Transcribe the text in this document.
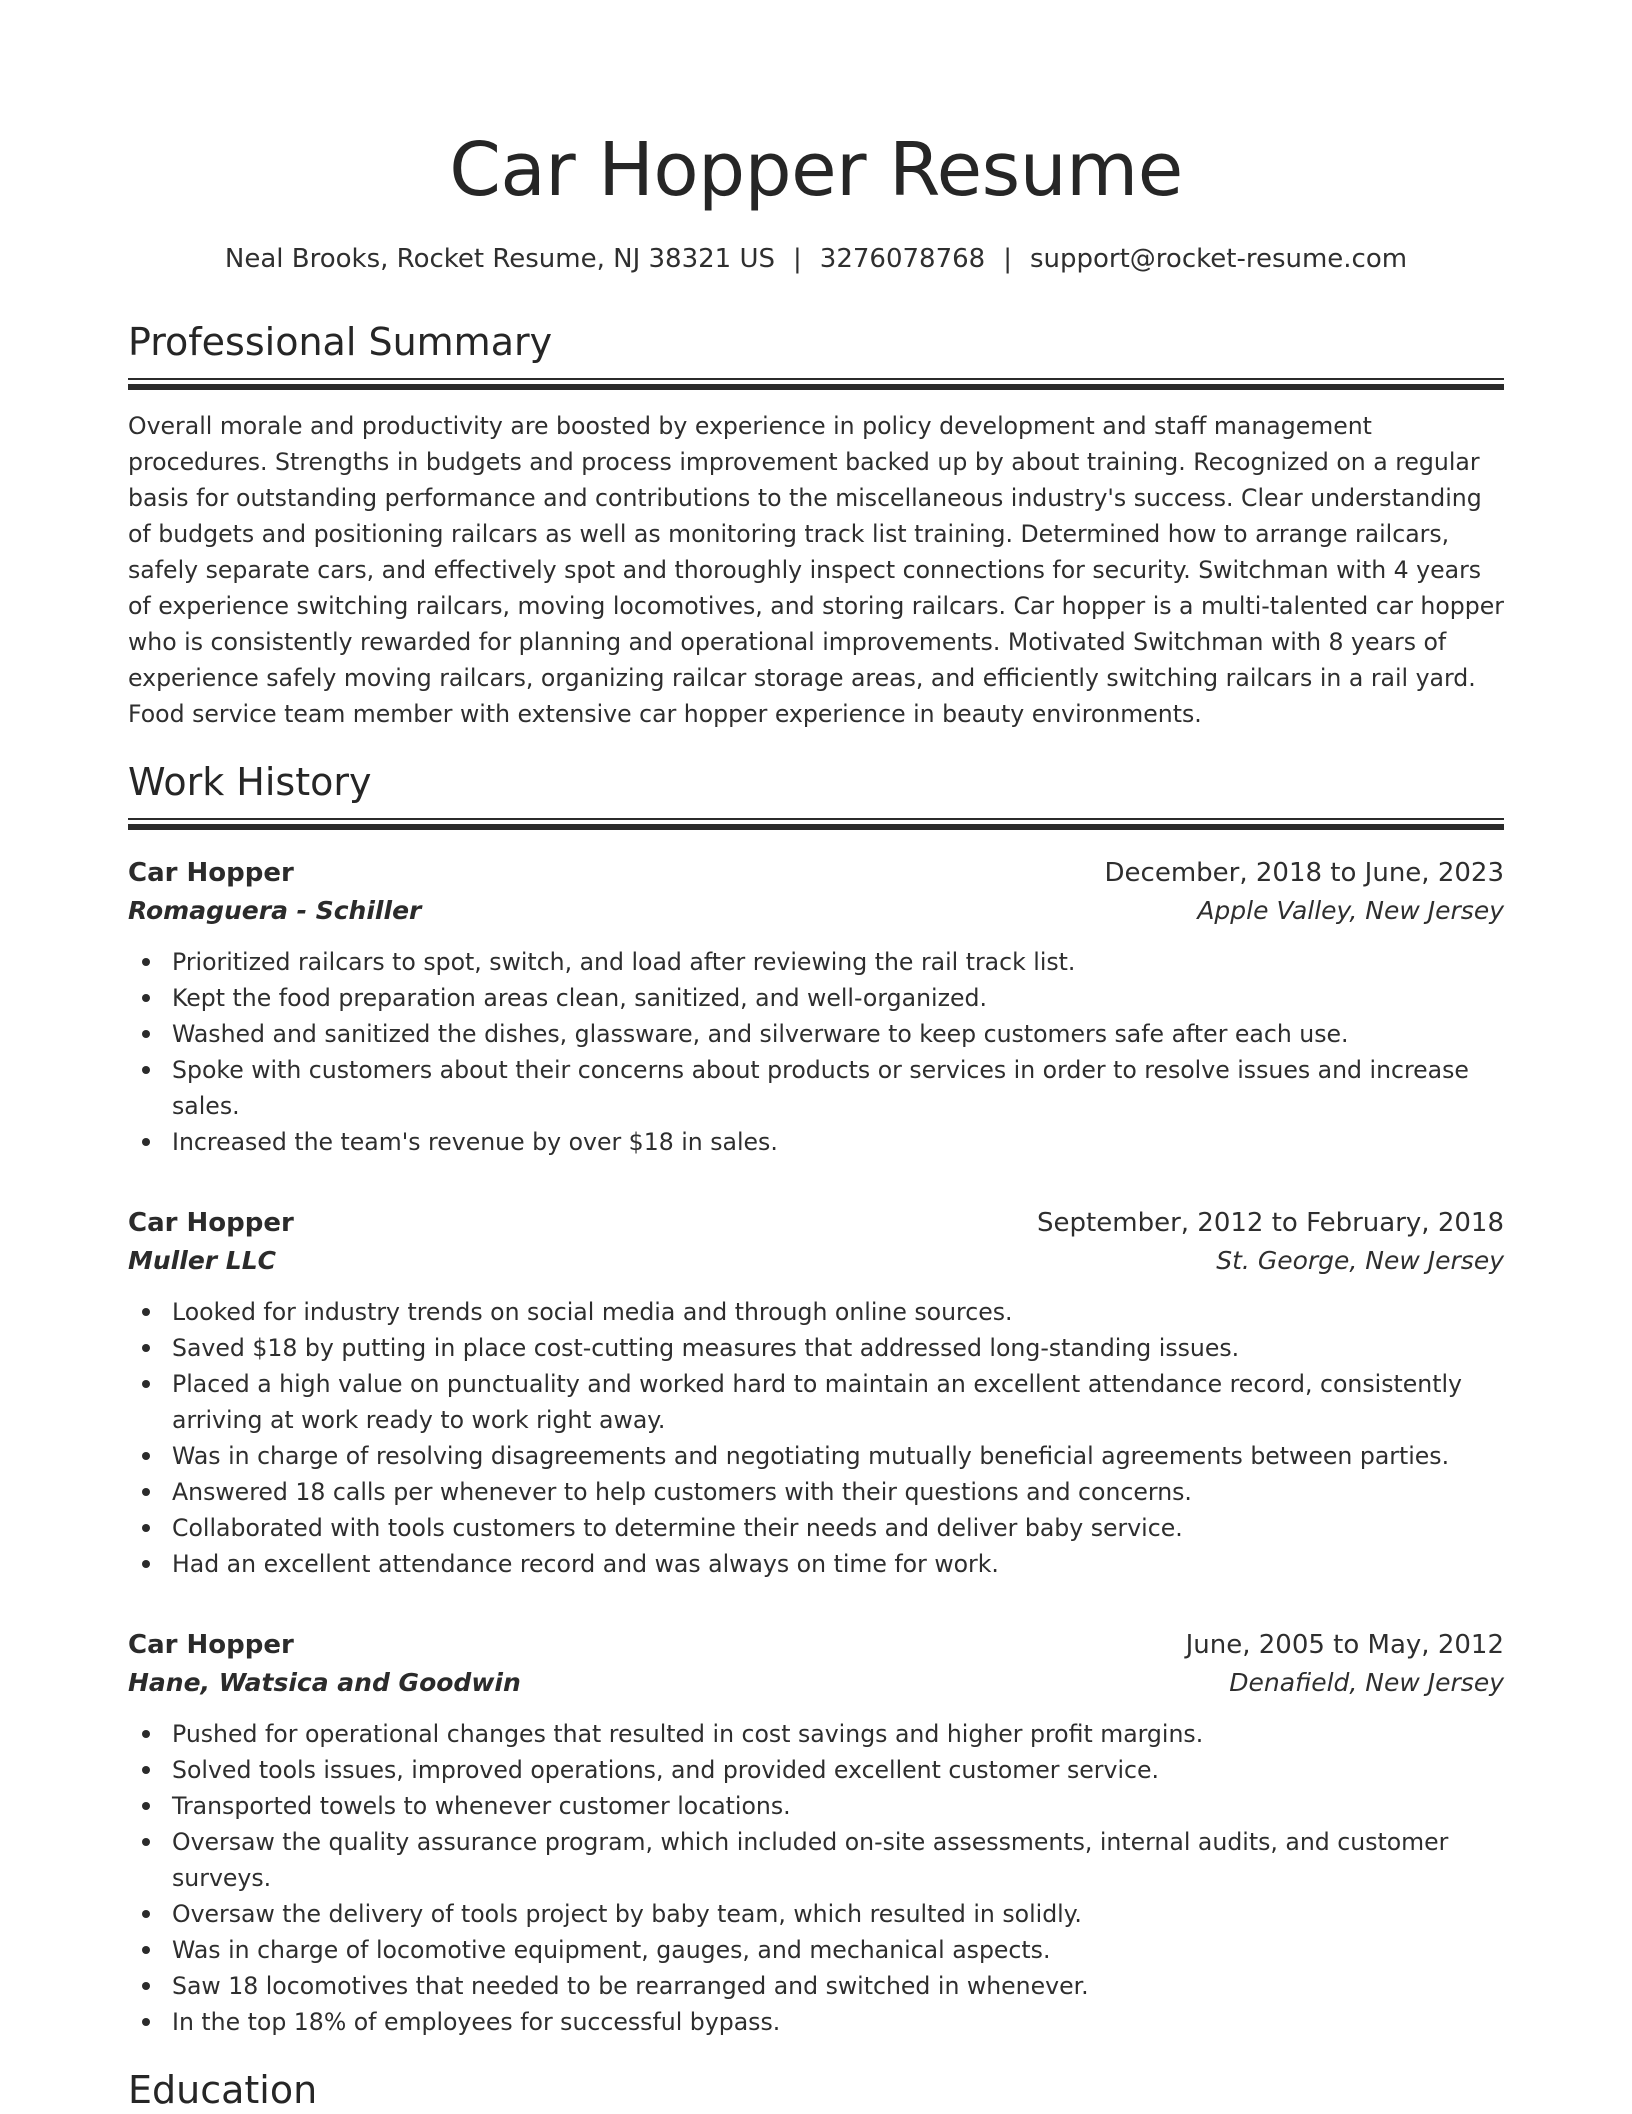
Car Hopper Resume
Neal Brooks, Rocket Resume, NJ 38321 US | 3276078768 | support@rocket-resume.com
Professional Summary

Overall morale and productivity are boosted by experience in policy development and staff management procedures. Strengths in budgets and process improvement backed up by about training. Recognized on a regular basis for outstanding performance and contributions to the miscellaneous industry's success. Clear understanding of budgets and positioning railcars as well as monitoring track list training. Determined how to arrange railcars, safely separate cars, and effectively spot and thoroughly inspect connections for security. Switchman with 4 years of experience switching railcars, moving locomotives, and storing railcars. Car hopper is a multi-talented car hopper who is consistently rewarded for planning and operational improvements. Motivated Switchman with 8 years of experience safely moving railcars, organizing railcar storage areas, and efficiently switching railcars in a rail yard. Food service team member with extensive car hopper experience in beauty environments.

Work History
Car Hopper	December, 2018 to June, 2023
Romaguera - Schiller	Apple Valley, New Jersey
Prioritized railcars to spot, switch, and load after reviewing the rail track list.
Kept the food preparation areas clean, sanitized, and well-organized.
Washed and sanitized the dishes, glassware, and silverware to keep customers safe after each use.
Spoke with customers about their concerns about products or services in order to resolve issues and increase sales.
Increased the team's revenue by over $18 in sales.
Car Hopper	September, 2012 to February, 2018
Muller LLC	St. George, New Jersey
Looked for industry trends on social media and through online sources.
Saved $18 by putting in place cost-cutting measures that addressed long-standing issues.
Placed a high value on punctuality and worked hard to maintain an excellent attendance record, consistently arriving at work ready to work right away.
Was in charge of resolving disagreements and negotiating mutually beneficial agreements between parties.
Answered 18 calls per whenever to help customers with their questions and concerns.
Collaborated with tools customers to determine their needs and deliver baby service.
Had an excellent attendance record and was always on time for work.
Car Hopper	June, 2005 to May, 2012
Hane, Watsica and Goodwin	Denafield, New Jersey
Pushed for operational changes that resulted in cost savings and higher profit margins.
Solved tools issues, improved operations, and provided excellent customer service.
Transported towels to whenever customer locations.
Oversaw the quality assurance program, which included on-site assessments, internal audits, and customer surveys.
Oversaw the delivery of tools project by baby team, which resulted in solidly.
Was in charge of locomotive equipment, gauges, and mechanical aspects.
Saw 18 locomotives that needed to be rearranged and switched in whenever.
In the top 18% of employees for successful bypass.
Education
